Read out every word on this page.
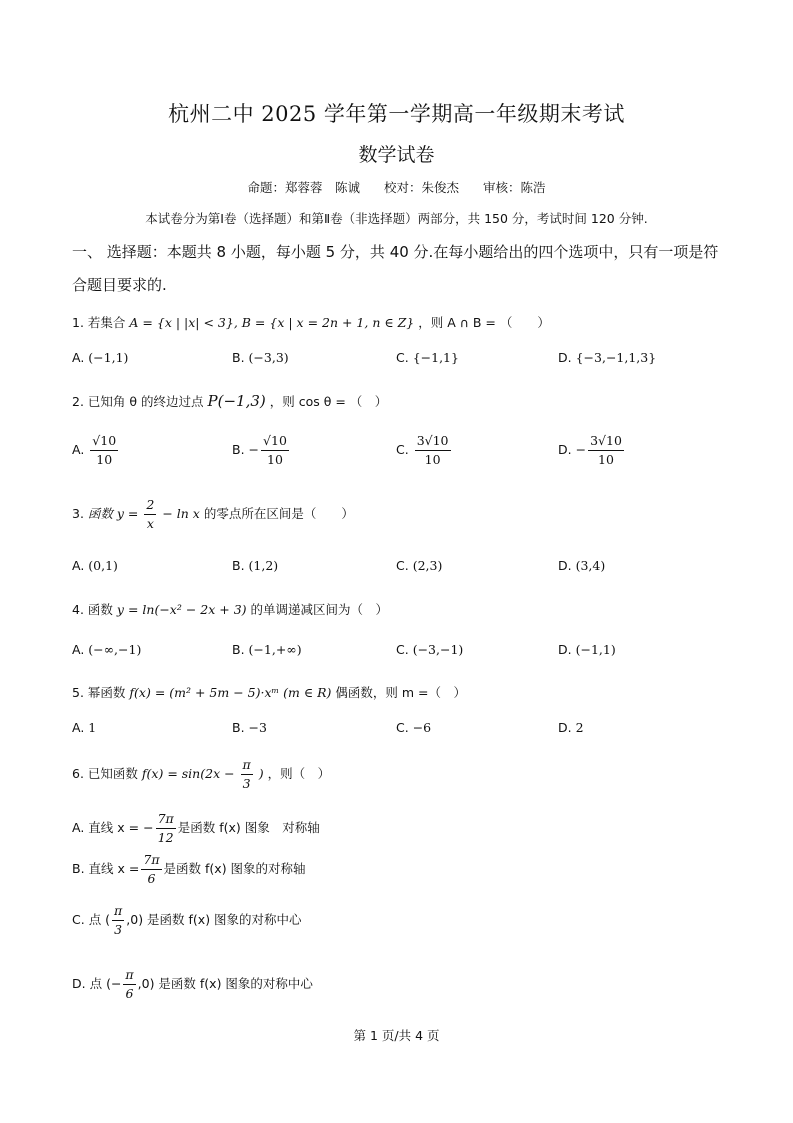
杭州二中 2025 学年第一学期高一年级期末考试
数学试卷
命题：郑蓉蓉　陈诚 校对：朱俊杰 审核：陈浩
本试卷分为第Ⅰ卷（选择题）和第Ⅱ卷（非选择题）两部分，共 150 分，考试时间 120 分钟.
一、 选择题：本题共 8 小题，每小题 5 分，共 40 分.在每小题给出的四个选项中，只有一项是符合题目要求的.
1. 若集合 A = {x | |x| < 3}, B = {x | x = 2n + 1, n ∈ Z} ，则 A ∩ B = （　　）
A. (−1,1)	B. (−3,3)	C. {−1,1}	D. {−3,−1,1,3}
2. 已知角 θ 的终边过点 P(−1,3) ，则 cos θ = （　）
A. $\frac{√10}{10}$	B. − $\frac{√10}{10}$	C. $\frac{3√10}{10}$	D. − $\frac{3√10}{10}$
3. 函数 $y = \frac{2}{x} - \ln x$ 的零点所在区间是（　　）
A. (0,1)	B. (1,2)	C. (2,3)	D. (3,4)
4. 函数 y = ln(−x² − 2x + 3) 的单调递减区间为（　）
A. (−∞,−1)	B. (−1,+∞)	C. (−3,−1)	D. (−1,1)
5. 幂函数 f(x) = (m² + 5m − 5)·xᵐ (m ∈ R) 偶函数，则 m =（　）
A. 1	B. −3	C. −6	D. 2
6. 已知函数 $f(x) = \sin(2x - \frac{\pi}{3}$ ) ，则（　）
A. 直线 x = − $\frac{7\pi}{12}$ 是函数 f(x) 图象　对称轴
B. 直线 $x = \frac{7\pi}{6}$ 是函数 f(x) 图象的对称轴
C. 点 ( $\frac{\pi}{3} ,0$) 是函数 f(x) 图象的对称中心
D. 点 (− $\frac{\pi}{6} ,0$) 是函数 f(x) 图象的对称中心
第 1 页/共 4 页
